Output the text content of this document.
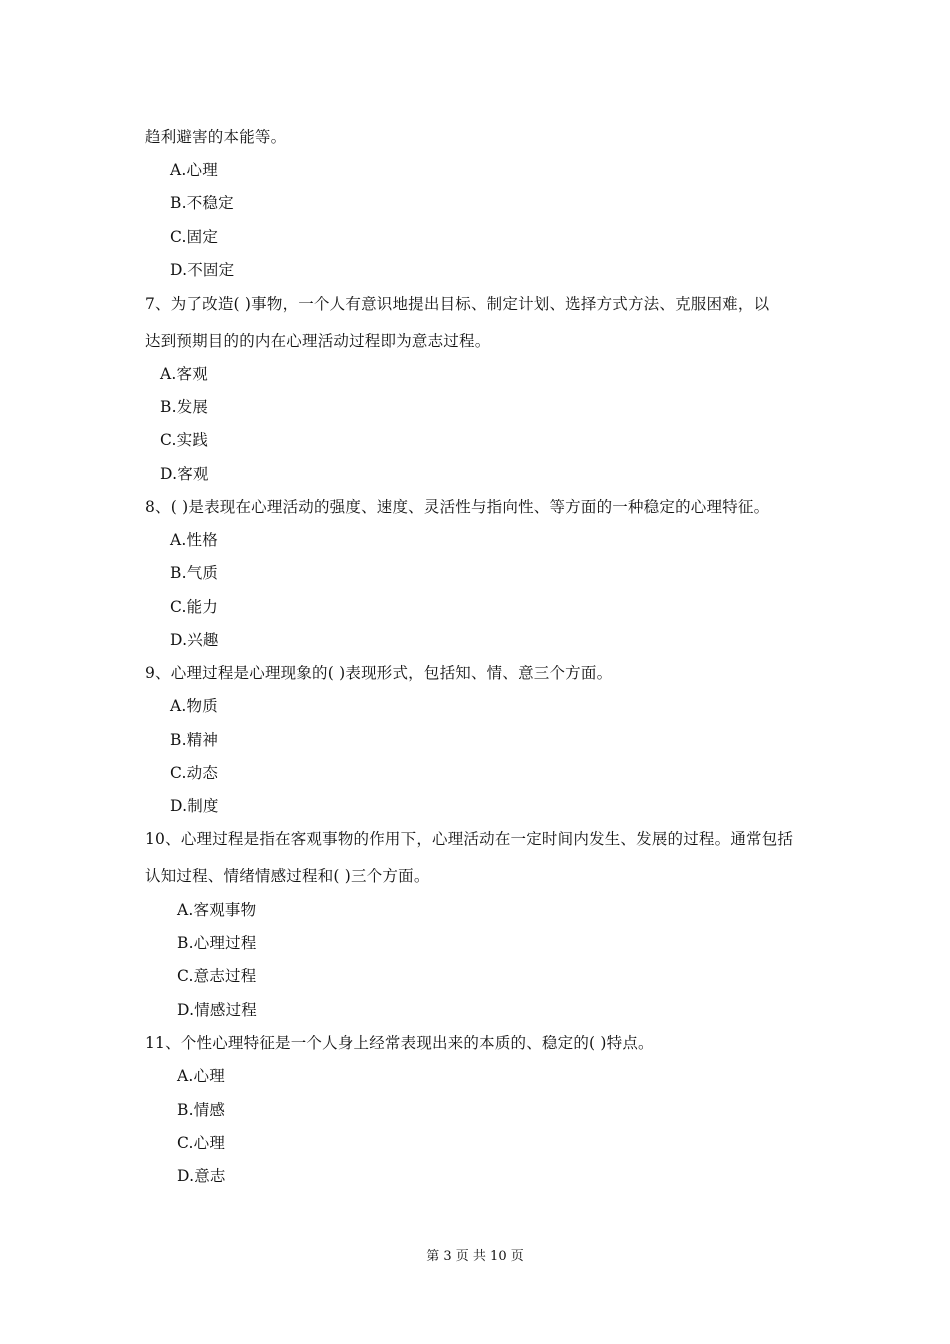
趋利避害的本能等。
A.心理
B.不稳定
C.固定
D.不固定
7、为了改造( )事物，一个人有意识地提出目标、制定计划、选择方式方法、克服困难，以
达到预期目的的内在心理活动过程即为意志过程。
A.客观
B.发展
C.实践
D.客观
8、( )是表现在心理活动的强度、速度、灵活性与指向性、等方面的一种稳定的心理特征。
A.性格
B.气质
C.能力
D.兴趣
9、心理过程是心理现象的( )表现形式，包括知、情、意三个方面。
A.物质
B.精神
C.动态
D.制度
10、心理过程是指在客观事物的作用下，心理活动在一定时间内发生、发展的过程。通常包括
认知过程、情绪情感过程和( )三个方面。
A.客观事物
B.心理过程
C.意志过程
D.情感过程
11、个性心理特征是一个人身上经常表现出来的本质的、稳定的( )特点。
A.心理
B.情感
C.心理
D.意志
第 3 页 共 10 页
